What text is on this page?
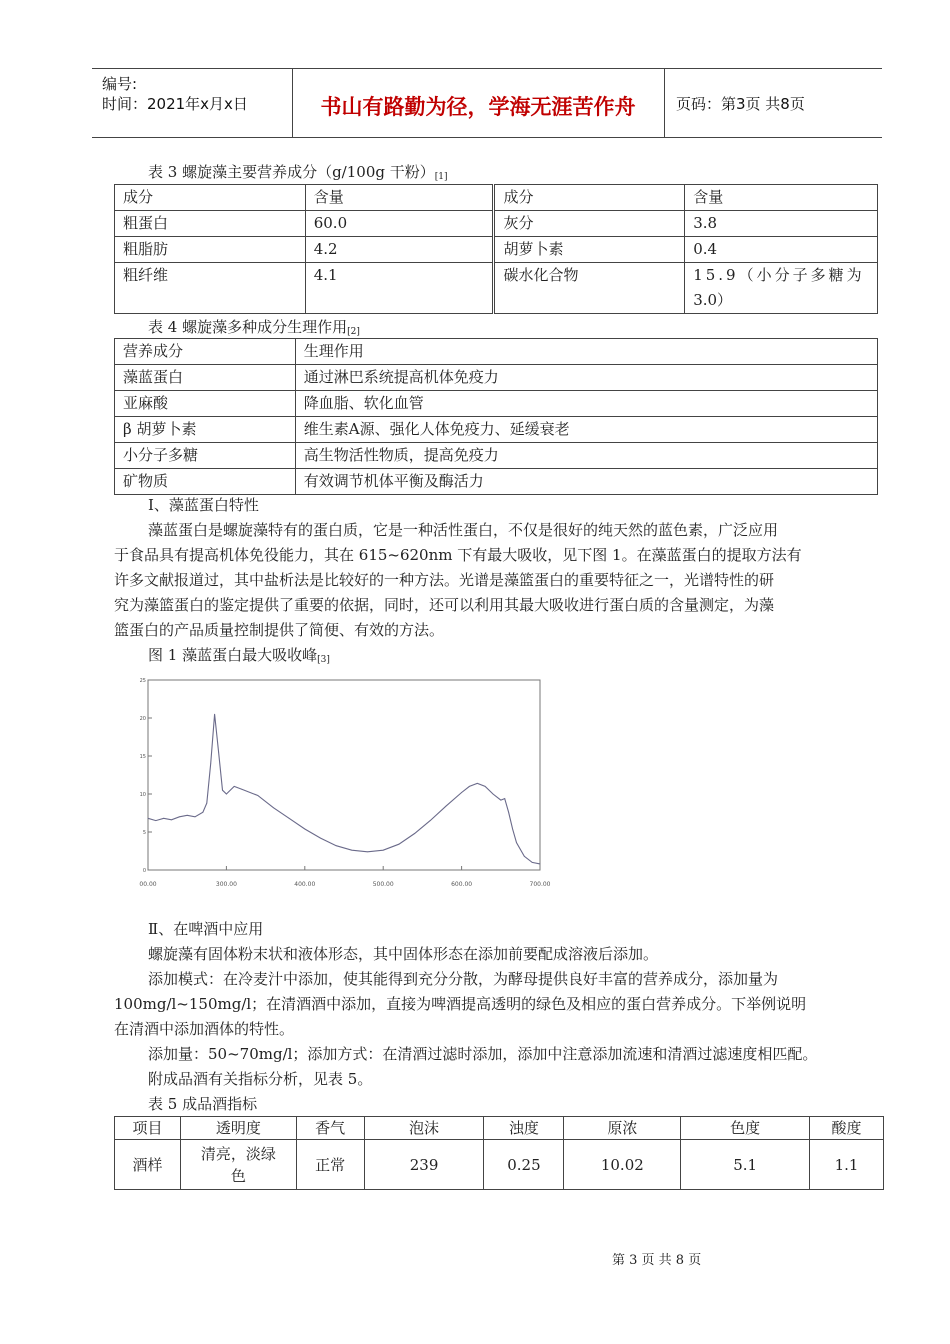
编号:
时间：2021年x月x日	书山有路勤为径，学海无涯苦作舟	页码：第3页 共8页
表 3 螺旋藻主要营养成分（g/100g 干粉）[1]
成分	含量	成分	含量
粗蛋白	60.0	灰分	3.8
粗脂肪	4.2	胡萝卜素	0.4
粗纤维	4.1	碳水化合物	15.9（小分子多糖为
3.0）
表 4 螺旋藻多种成分生理作用[2]
营养成分	生理作用
藻蓝蛋白	通过淋巴系统提高机体免疫力
亚麻酸	降血脂、软化血管
β 胡萝卜素	维生素A源、强化人体免疫力、延缓衰老
小分子多糖	高生物活性物质，提高免疫力
矿物质	有效调节机体平衡及酶活力
Ⅰ、藻蓝蛋白特性
藻蓝蛋白是螺旋藻特有的蛋白质，它是一种活性蛋白，不仅是很好的纯天然的蓝色素，广泛应用
于食品具有提高机体免役能力，其在 615~620nm 下有最大吸收，见下图 1。在藻蓝蛋白的提取方法有
许多文献报道过，其中盐析法是比较好的一种方法。光谱是藻篮蛋白的重要特征之一，光谱特性的研
究为藻篮蛋白的鉴定提供了重要的依据，同时，还可以利用其最大吸收进行蛋白质的含量测定，为藻
篮蛋白的产品质量控制提供了简便、有效的方法。
图 1 藻蓝蛋白最大吸收峰[3]
25
20
15
10
5
0
00.00	300.00	400.00	500.00	600.00	700.00
Ⅱ、在啤酒中应用
螺旋藻有固体粉末状和液体形态，其中固体形态在添加前要配成溶液后添加。
添加模式：在冷麦汁中添加，使其能得到充分分散，为酵母提供良好丰富的营养成分，添加量为
100mg/l~150mg/l；在清酒酒中添加，直接为啤酒提高透明的绿色及相应的蛋白营养成分。下举例说明
在清酒中添加酒体的特性。
添加量：50~70mg/l；添加方式：在清酒过滤时添加，添加中注意添加流速和清酒过滤速度相匹配。
附成品酒有关指标分析，见表 5。
表 5 成品酒指标
项目	透明度	香气	泡沫	浊度	原浓	色度	酸度
酒样	清亮，淡绿
色	正常	239	0.25	10.02	5.1	1.1
第 3 页 共 8 页
